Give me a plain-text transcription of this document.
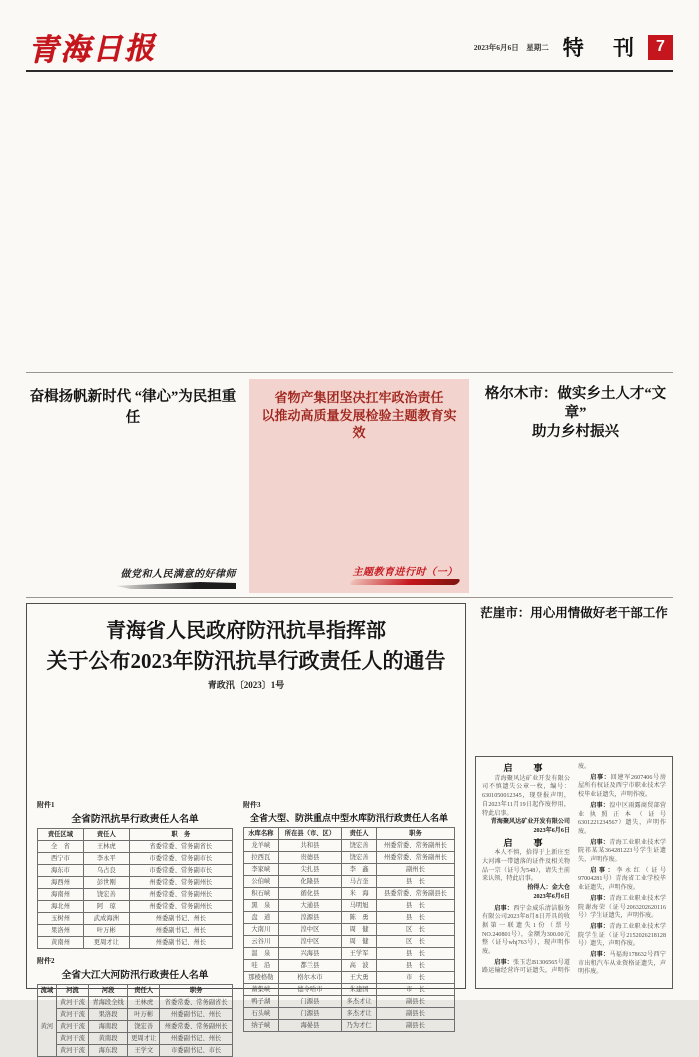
青海日报	2023年6月6日　 星期二 特 刊 7

奋楫扬帆新时代 “律心”为民担重任

做党和人民满意的好律师
省物产集团坚决扛牢政治责任
以推动高质量发展检验主题教育实效

主题教育进行时（一）
格尔木市：做实乡土人才“文章”
助力乡村振兴

青海省人民政府防汛抗旱指挥部
关于公布2023年防汛抗旱行政责任人的通告
青政汛〔2023〕1号

附件1
全省防汛抗旱行政责任人名单
责任区域	责任人	职　务
全　省	王林虎	省委常委、常务副省长
西宁市	李永平	市委常委、常务副市长
海东市	乌占良	市委常委、常务副市长
海西州	彭世刚	州委常委、常务副州长
海南州	饶宏善	州委常委、常务副州长
海北州	阿　琼	州委常委、常务副州长
玉树州	武成海洲	州委副书记、州长
果洛州	叶万彬	州委副书记、州长
黄南州	更周才让	州委副书记、州长
附件2
全省大江大河防汛行政责任人名单
流域	河流	河段	责任人	职务
黄河	黄河干流	青海段全线	王林虎	省委常委、常务副省长
	黄河干流	果洛段	叶万彬	州委副书记、州长
	黄河干流	海南段	饶宏善	州委常委、常务副州长
	黄河干流	黄南段	更周才让	州委副书记、州长
	黄河干流	海东段	王学文	市委副书记、市长
附件3
全省大型、防洪重点中型水库防汛行政责任人名单
水库名称	所在县（市、区）	责任人	职务
龙羊峡	共和县	饶宏善	州委常委、常务副州长
拉西瓦	贵德县	饶宏善	州委常委、常务副州长
李家峡	尖扎县	李　鑫	副州长
公伯峡	化隆县	马占奎	县　长
积石峡	循化县	米　海	县委常委、常务副县长
黑　泉	大通县	马明旭	县　长
盘　道	湟源县	陈　勇	县　长
大南川	湟中区	周　健	区　长
云谷川	湟中区	周　健	区　长
温　泉	兴海县	王学军	县　长
哇　沿	都兰县	高　波	县　长
那棱格勒	格尔木市	王大勇	市　长
蓄集峡	德令哈市	朱建国	市　长
鸭子湖	门源县	多杰才让	副县长
石头峡	门源县	多杰才让	副县长
纳子峡	海晏县	乃为才仁	副县长
茫崖市：用心用情做好老干部工作

启　事

青海聚风达矿业开发有限公司不慎遗失公章一枚，编号：6301050012345，现登报声明，自2023年11月19日起作废停用，特此启事。

青海聚风达矿业开发有限公司

2023年6月6日

启　事

本人不慎，拾得于上新庄至大河滩一带遗落的证件及相关物品一宗（证号为548），请失主前来认领，特此启事。

拾得人：金大仓

2023年6月6日

启事：西宁金威乐清洁服务有限公司2023年8月8日开具的收据第一联遗失1份（票号NO.240801号），金额为300.00元整（证号whj763号），现声明作废。

启事：张玉忠B1306565号道路运输经营许可证遗失，声明作废。

启事：回建军2607406号房屋所有权证及西宁市职业技术学校毕业证遗失，声明作废。

启事：湟中区雨露商贸部营业执照正本（证号6301221234567）遗失，声明作废。

启事：青海工业职业技术学院祁某某364281223号学生证遗失，声明作废。

启事：李永红（证号97004281号）青海省工业学校毕业证遗失，声明作废。

启事：青海工业职业技术学院谢海荣（证号2063202620116号）学生证遗失，声明作废。

启事：青海工业职业技术学院学生证（证号2152026218128号）遗失，声明作废。

启事：马福海178632号西宁市出租汽车从业资格证遗失，声明作废。
